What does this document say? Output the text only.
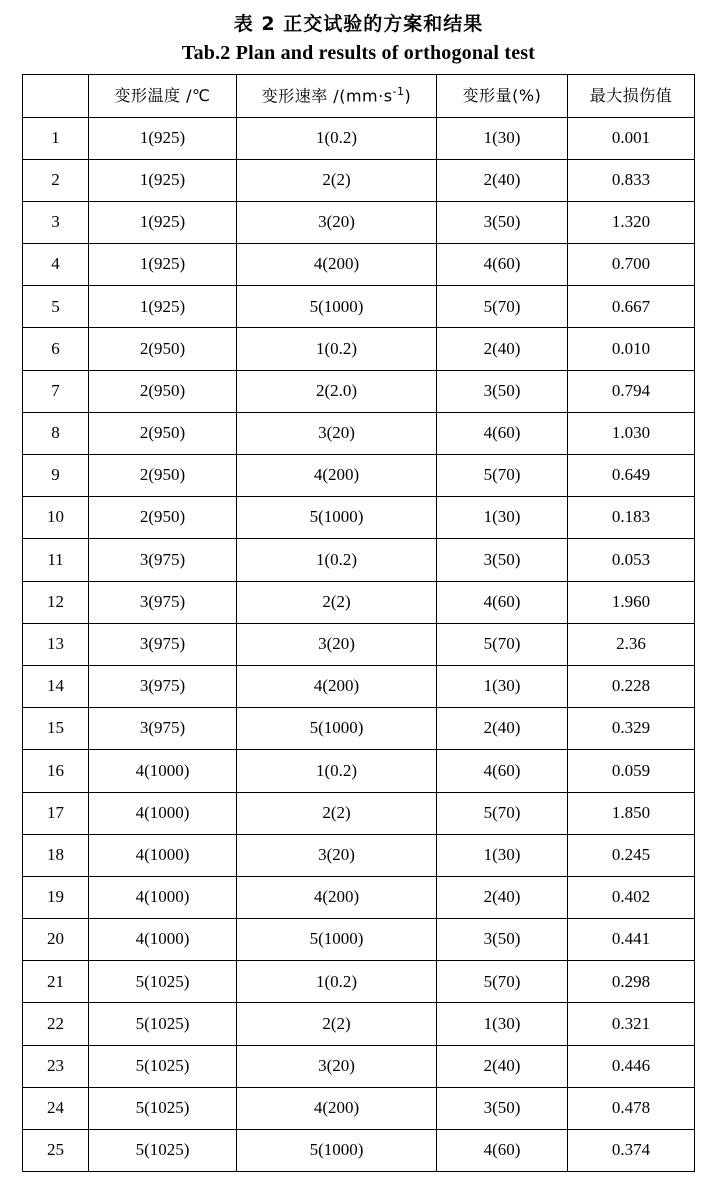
表 2 正交试验的方案和结果
Tab.2 Plan and results of orthogonal test
	变形温度 /℃	变形速率 $/(mm\cdot s^{-1})$	变形量(%)	最大损伤值
1	1(925)	1(0.2)	1(30)	0.001
2	1(925)	2(2)	2(40)	0.833
3	1(925)	3(20)	3(50)	1.320
4	1(925)	4(200)	4(60)	0.700
5	1(925)	5(1000)	5(70)	0.667
6	2(950)	1(0.2)	2(40)	0.010
7	2(950)	2(2.0)	3(50)	0.794
8	2(950)	3(20)	4(60)	1.030
9	2(950)	4(200)	5(70)	0.649
10	2(950)	5(1000)	1(30)	0.183
11	3(975)	1(0.2)	3(50)	0.053
12	3(975)	2(2)	4(60)	1.960
13	3(975)	3(20)	5(70)	2.36
14	3(975)	4(200)	1(30)	0.228
15	3(975)	5(1000)	2(40)	0.329
16	4(1000)	1(0.2)	4(60)	0.059
17	4(1000)	2(2)	5(70)	1.850
18	4(1000)	3(20)	1(30)	0.245
19	4(1000)	4(200)	2(40)	0.402
20	4(1000)	5(1000)	3(50)	0.441
21	5(1025)	1(0.2)	5(70)	0.298
22	5(1025)	2(2)	1(30)	0.321
23	5(1025)	3(20)	2(40)	0.446
24	5(1025)	4(200)	3(50)	0.478
25	5(1025)	5(1000)	4(60)	0.374
